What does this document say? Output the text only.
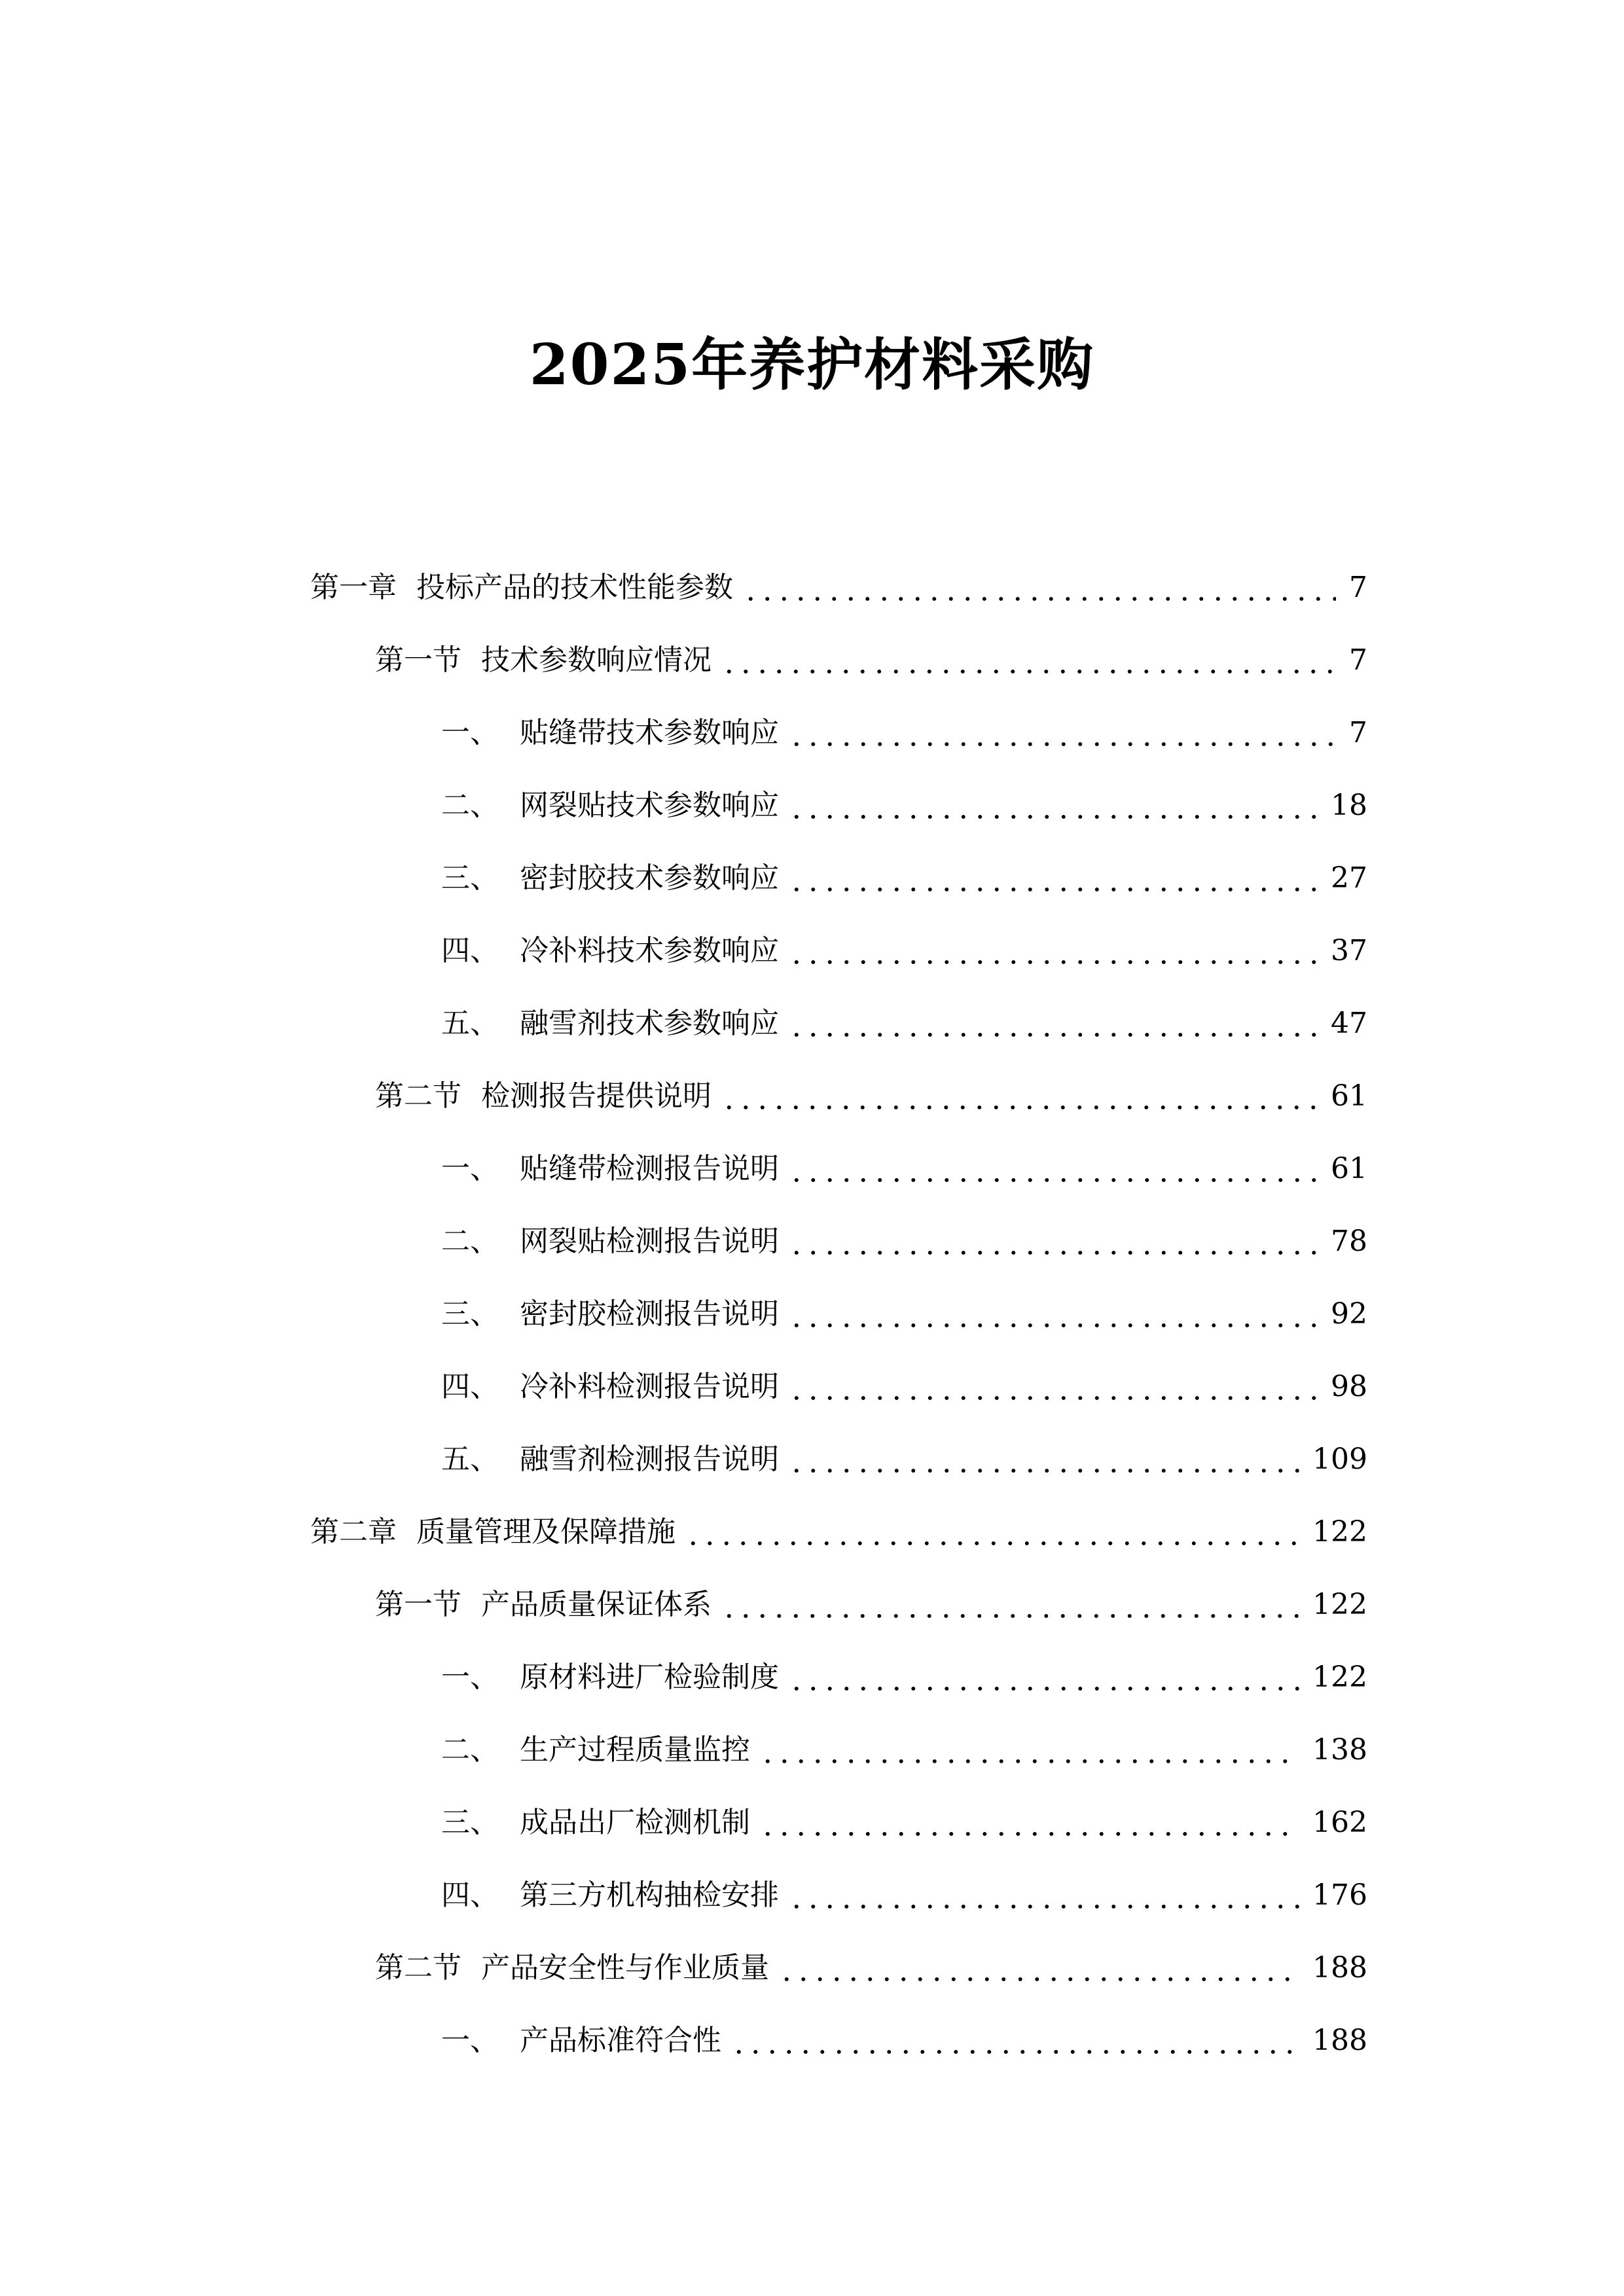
2025年养护材料采购
第一章 投标产品的技术性能参数	7
第一节 技术参数响应情况	7
一、 贴缝带技术参数响应	7
二、 网裂贴技术参数响应	18
三、 密封胶技术参数响应	27
四、 冷补料技术参数响应	37
五、 融雪剂技术参数响应	47
第二节 检测报告提供说明	61
一、 贴缝带检测报告说明	61
二、 网裂贴检测报告说明	78
三、 密封胶检测报告说明	92
四、 冷补料检测报告说明	98
五、 融雪剂检测报告说明	109
第二章 质量管理及保障措施	122
第一节 产品质量保证体系	122
一、 原材料进厂检验制度	122
二、 生产过程质量监控	138
三、 成品出厂检测机制	162
四、 第三方机构抽检安排	176
第二节 产品安全性与作业质量	188
一、 产品标准符合性	188
